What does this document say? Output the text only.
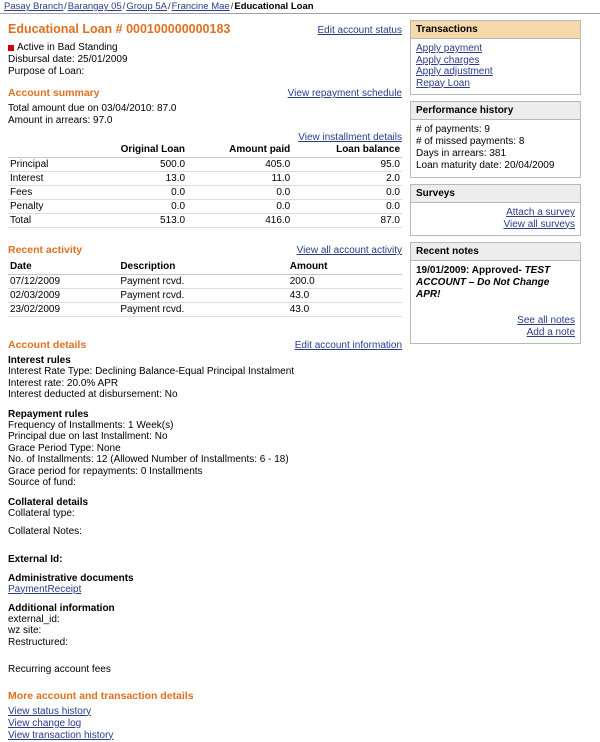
Pasay Branch/Barangay 05/Group 5A/Francine Mae/Educational Loan
Educational Loan # 000100000000183	Edit account status
Active in Bad Standing
Disbursal date: 25/01/2009
Purpose of Loan:
Account summary	View repayment schedule
Total amount due on 03/04/2010: 87.0
Amount in arrears: 97.0
View installment details
	Original Loan	Amount paid	Loan balance
Principal	500.0	405.0	95.0
Interest	13.0	11.0	2.0
Fees	0.0	0.0	0.0
Penalty	0.0	0.0	0.0
Total	513.0	416.0	87.0
Recent activity	View all account activity
Date	Description	Amount
07/12/2009	Payment rcvd.	200.0
02/03/2009	Payment rcvd.	43.0
23/02/2009	Payment rcvd.	43.0
Account details	Edit account information
Interest rules
Interest Rate Type: Declining Balance-Equal Principal Instalment
Interest rate: 20.0% APR
Interest deducted at disbursement: No
Repayment rules
Frequency of Installments: 1 Week(s)
Principal due on last Installment: No
Grace Period Type: None
No. of Installments: 12 (Allowed Number of Installments: 6 - 18)
Grace period for repayments: 0 Installments
Source of fund:
Collateral details
Collateral type:
Collateral Notes:
External Id:
Administrative documents
PaymentReceipt
Additional information
external_id:
wz site:
Restructured:
Recurring account fees
More account and transaction details
View status history
View change log
View transaction history
Transactions
Apply payment
Apply charges
Apply adjustment
Repay Loan
Performance history
# of payments: 9
# of missed payments: 8
Days in arrears: 381
Loan maturity date: 20/04/2009
Surveys
Attach a survey
View all surveys
Recent notes
19/01/2009: Approved- TEST ACCOUNT – Do Not Change APR!
See all notes
Add a note
